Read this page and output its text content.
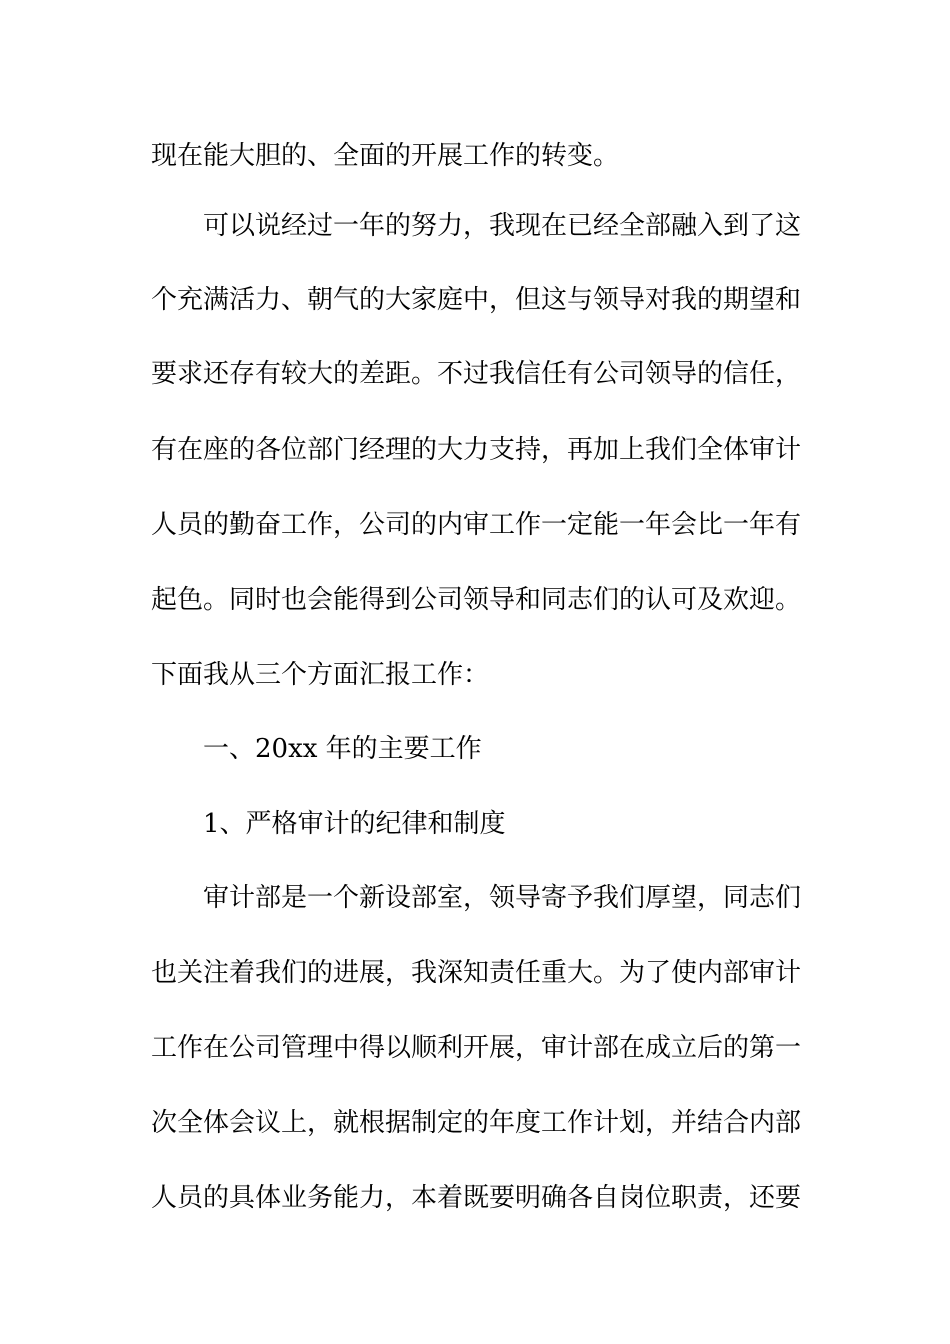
现在能大胆的、全面的开展工作的转变。
可以说经过一年的努力，我现在已经全部融入到了这
个充满活力、朝气的大家庭中，但这与领导对我的期望和
要求还存有较大的差距。不过我信任有公司领导的信任，
有在座的各位部门经理的大力支持，再加上我们全体审计
人员的勤奋工作，公司的内审工作一定能一年会比一年有
起色。同时也会能得到公司领导和同志们的认可及欢迎。
下面我从三个方面汇报工作：
一、20xx 年的主要工作
1、严格审计的纪律和制度
审计部是一个新设部室，领导寄予我们厚望，同志们
也关注着我们的进展，我深知责任重大。为了使内部审计
工作在公司管理中得以顺利开展，审计部在成立后的第一
次全体会议上，就根据制定的年度工作计划，并结合内部
人员的具体业务能力，本着既要明确各自岗位职责，还要
